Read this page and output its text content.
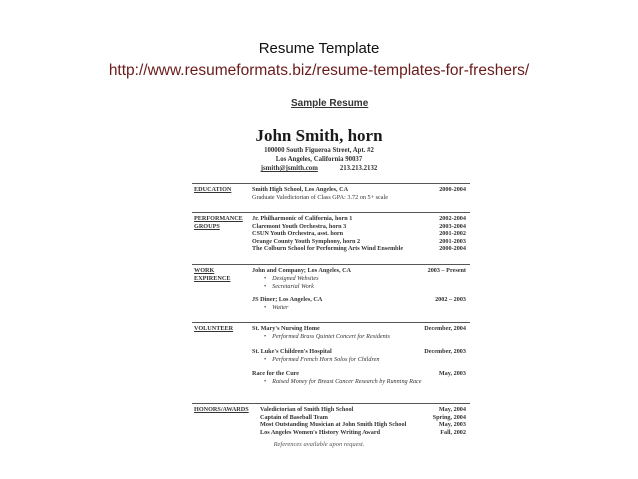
Resume Template
http://www.resumeformats.biz/resume-templates-for-freshers/
Sample Resume
John Smith, horn
100000 South Figueroa Street, Apt. #2
Los Angeles, California 90037
jsmith@jsmith.com	213.213.2132
EDUCATION	Smith High School, Los Angeles, CA	2000-2004
Graduate Valedictorian of Class GPA: 3.72 on 5+ scale
PERFORMANCE
GROUPS
Jr. Philharmonic of California, horn 1	2002-2004
Claremont Youth Orchestra, horn 3	2003-2004
CSUN Youth Orchestra, asst. horn	2001-2002
Orange County Youth Symphony, horn 2	2001-2003
The Colburn School for Performing Arts Wind Ensemble	2000-2004
WORK
EXPIRENCE
John and Company; Los Angeles, CA	2003 – Present
• Designed Websites
• Secretarial Work
JS Diner; Los Angeles, CA	2002 – 2003
• Waiter
VOLUNTEER	St. Mary's Nursing Home	December, 2004
• Performed Brass Quintet Concert for Residents
St. Luke's Children's Hospital	December, 2003
• Performed French Horn Solos for Children
Race for the Cure	May, 2003
• Raised Money for Breast Cancer Research by Running Race
HONORS/AWARDS	Valedictorian of Smith High School	May, 2004
Captain of Baseball Team	Spring, 2004
Most Outstanding Musician at John Smith High School	May, 2003
Los Angeles Women's History Writing Award	Fall, 2002
References available upon request.
